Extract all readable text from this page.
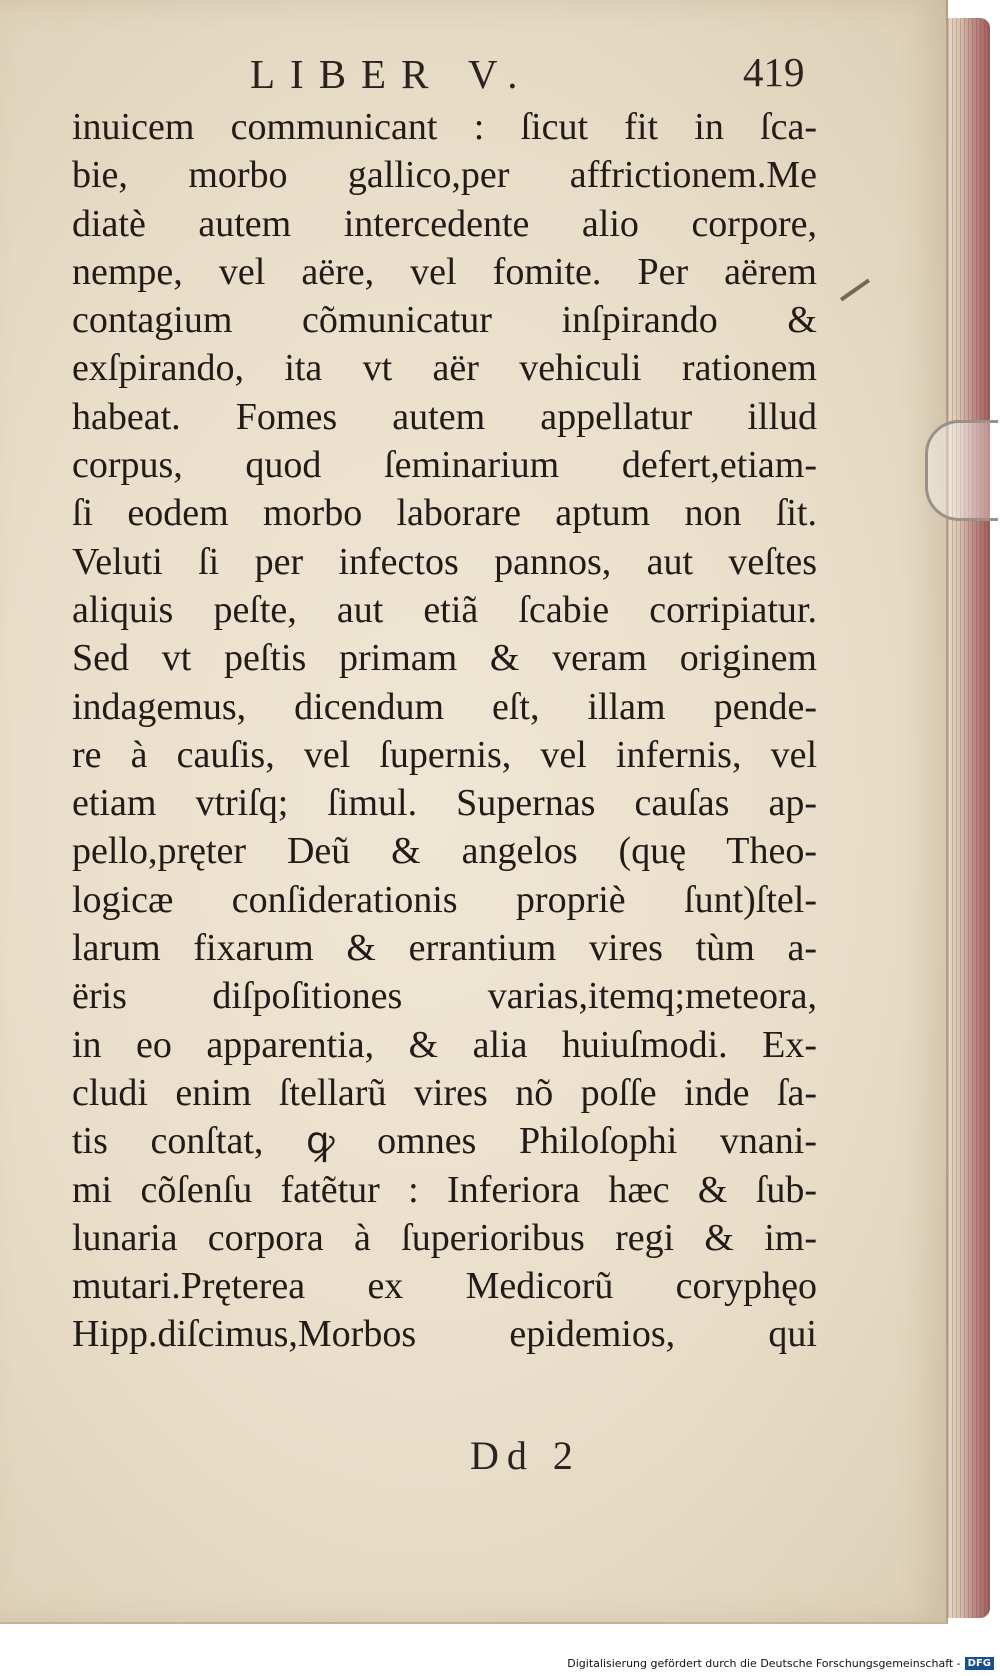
LIBER V.	419
inuicem communicant : ſicut fit in ſca-
bie, morbo gallico,per affrictionem.Me
diatè autem intercedente alio corpore,
nempe, vel aëre, vel fomite. Per aërem
contagium cõmunicatur inſpirando &
exſpirando, ita vt aër vehiculi rationem
habeat. Fomes autem appellatur illud
corpus, quod ſeminarium defert,etiam-
ſi eodem morbo laborare aptum non ſit.
Veluti ſi per infectos pannos, aut veſtes
aliquis peſte, aut etiã ſcabie corripiatur.
Sed vt peſtis primam & veram originem
indagemus, dicendum eſt, illam pende-
re à cauſis, vel ſupernis, vel infernis, vel
etiam vtriſq; ſimul. Supernas cauſas ap-
pello,pręter Deũ & angelos (quę Theo-
logicæ conſiderationis propriè ſunt)ſtel-
larum fixarum & errantium vires tùm a-
ëris diſpoſitiones varias,itemq;meteora,
in eo apparentia, & alia huiuſmodi. Ex-
cludi enim ſtellarũ vires nõ poſſe inde ſa-
tis conſtat, ꝙ omnes Philoſophi vnani-
mi cõſenſu fatẽtur : Inferiora hæc & ſub-
lunaria corpora à ſuperioribus regi & im-
mutari.Pręterea ex Medicorũ coryphęo
Hipp.diſcimus,Morbos epidemios, qui
Dd 2
Digitalisierung gefördert durch die Deutsche Forschungsgemeinschaft - DFG
